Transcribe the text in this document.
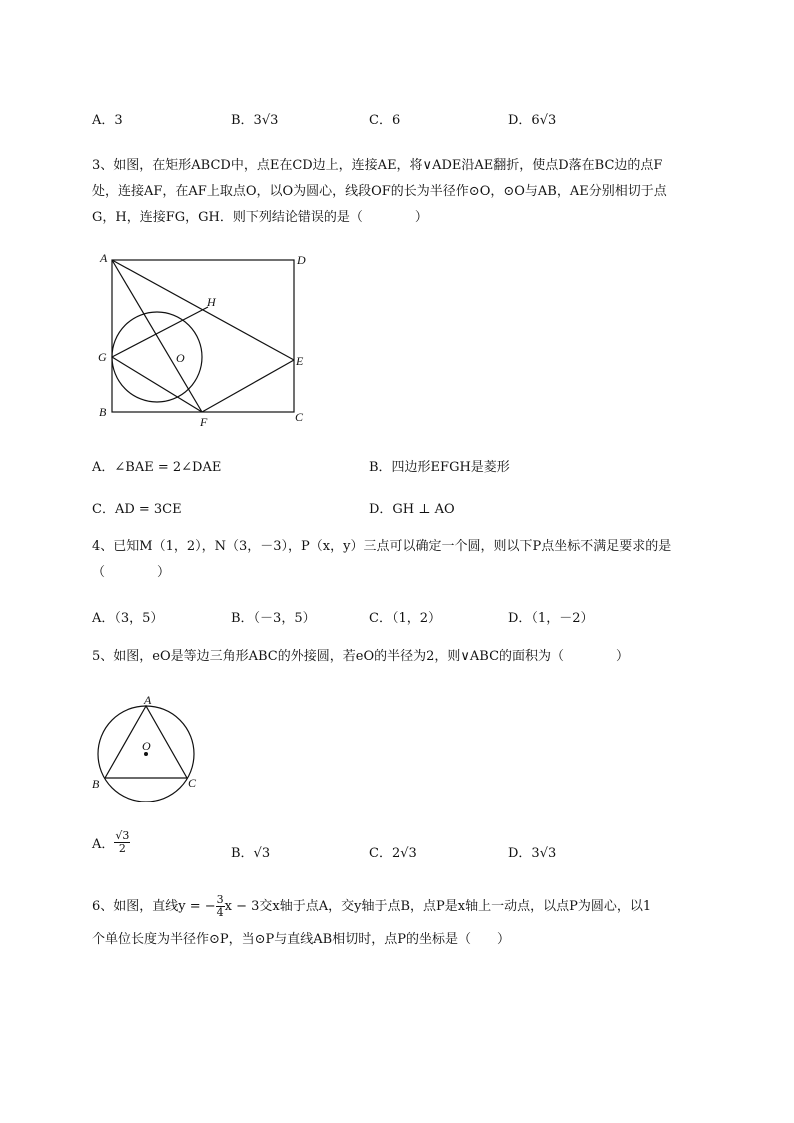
A．3	B．3√3	C．6	D．6√3
3、如图，在矩形ABCD中，点E在CD边上，连接AE，将∨ADE沿AE翻折，使点D落在BC边的点F
处，连接AF，在AF上取点O，以O为圆心，线段OF的长为半径作⊙O，⊙O与AB，AE分别相切于点
G，H，连接FG，GH．则下列结论错误的是（　　　　）
A	D
H
G	O	E
B
F	C
A．∠BAE = 2∠DAE	B．四边形EFGH是菱形
C．AD = 3CE	D．GH ⊥ AO
4、已知M（1，2），N（3，－3），P（x，y）三点可以确定一个圆，则以下P点坐标不满足要求的是
（　　　　）
A．（3，5）	B．（－3，5）	C．（1，2）	D．（1，－2）
5、如图，eO是等边三角形ABC的外接圆，若eO的半径为2，则∨ABC的面积为（　　　　）
A
O
B	C
A． $\frac{√3}{2}$	B．√3	C．2√3	D．3√3
6、如图，直线y = − $\frac{3}{4}$ x − 3交x轴于点A，交y轴于点B，点P是x轴上一动点，以点P为圆心，以1
个单位长度为半径作⊙P，当⊙P与直线AB相切时，点P的坐标是（　　）
